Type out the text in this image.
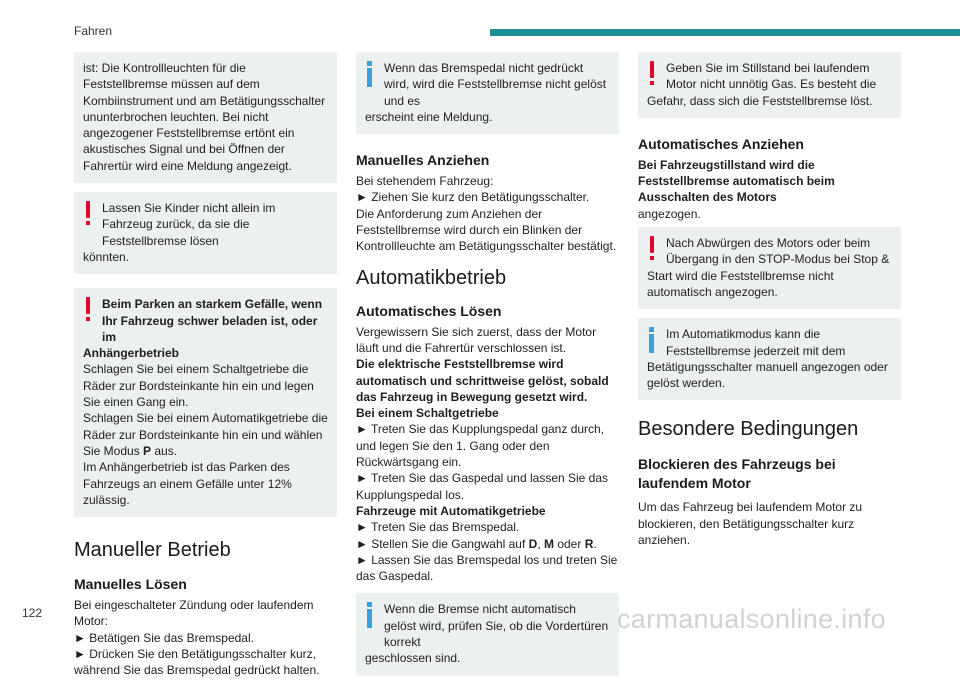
Fahren

ist: Die Kontrollleuchten für die Feststellbremse müssen auf dem Kombiinstrument und am Betätigungsschalter ununterbrochen leuchten. Bei nicht angezogener Feststellbremse ertönt ein akustisches Signal und bei Öffnen der Fahrertür wird eine Meldung angezeigt.

Lassen Sie Kinder nicht allein im Fahrzeug zurück, da sie die Feststellbremse lösen
könnten.
Beim Parken an starkem Gefälle, wenn Ihr Fahrzeug schwer beladen ist, oder im
Anhängerbetrieb
Schlagen Sie bei einem Schaltgetriebe die Räder zur Bordsteinkante hin ein und legen Sie einen Gang ein.
Schlagen Sie bei einem Automatikgetriebe die Räder zur Bordsteinkante hin ein und wählen Sie Modus P aus.
Im Anhängerbetrieb ist das Parken des Fahrzeugs an einem Gefälle unter 12% zulässig.
Manueller Betrieb
Manuelles Lösen

Bei eingeschalteter Zündung oder laufendem Motor:

► Betätigen Sie das Bremspedal.

► Drücken Sie den Betätigungsschalter kurz, während Sie das Bremspedal gedrückt halten.

Wenn das Bremspedal nicht gedrückt wird, wird die Feststellbremse nicht gelöst und es
erscheint eine Meldung.
Manuelles Anziehen

Bei stehendem Fahrzeug:

► Ziehen Sie kurz den Betätigungsschalter.

Die Anforderung zum Anziehen der Feststellbremse wird durch ein Blinken der Kontrollleuchte am Betätigungsschalter bestätigt.

Automatikbetrieb
Automatisches Lösen

Vergewissern Sie sich zuerst, dass der Motor läuft und die Fahrertür verschlossen ist.

Die elektrische Feststellbremse wird automatisch und schrittweise gelöst, sobald das Fahrzeug in Bewegung gesetzt wird.

Bei einem Schaltgetriebe

► Treten Sie das Kupplungspedal ganz durch, und legen Sie den 1. Gang oder den Rückwärtsgang ein.

► Treten Sie das Gaspedal und lassen Sie das Kupplungspedal los.

Fahrzeuge mit Automatikgetriebe

► Treten Sie das Bremspedal.

► Stellen Sie die Gangwahl auf D, M oder R.

► Lassen Sie das Bremspedal los und treten Sie das Gaspedal.

Wenn die Bremse nicht automatisch gelöst wird, prüfen Sie, ob die Vordertüren korrekt
geschlossen sind.
Geben Sie im Stillstand bei laufendem Motor nicht unnötig Gas. Es besteht die
Gefahr, dass sich die Feststellbremse löst.
Automatisches Anziehen

Bei Fahrzeugstillstand wird die Feststellbremse automatisch beim Ausschalten des Motors

angezogen.

Nach Abwürgen des Motors oder beim Übergang in den STOP-Modus bei Stop &
Start wird die Feststellbremse nicht automatisch angezogen.
Im Automatikmodus kann die Feststellbremse jederzeit mit dem
Betätigungsschalter manuell angezogen oder gelöst werden.
Besondere Bedingungen
Blockieren des Fahrzeugs bei laufendem Motor

Um das Fahrzeug bei laufendem Motor zu blockieren, den Betätigungsschalter kurz anziehen.

122	carmanualsonline.info
